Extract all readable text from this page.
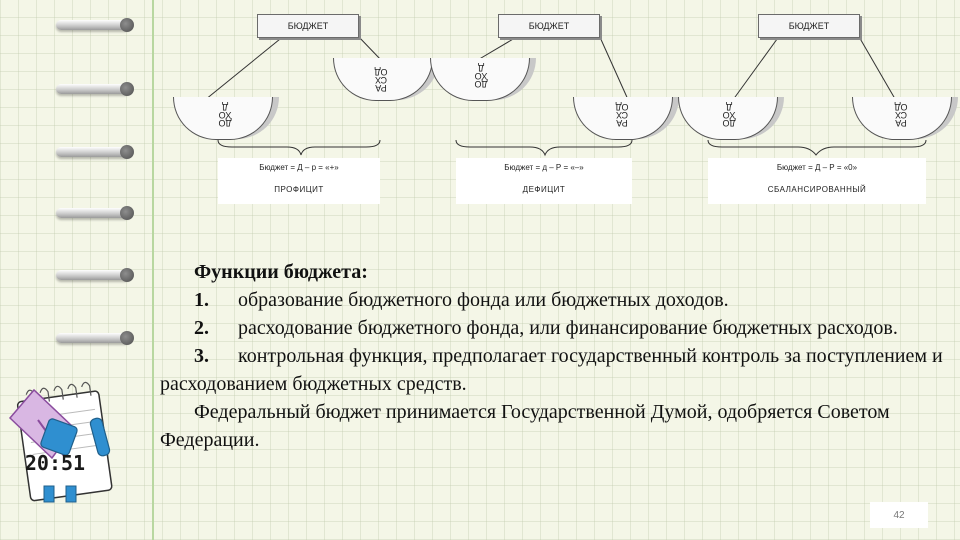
БЮДЖЕТ	БЮДЖЕТ	БЮДЖЕТ
ДО
ХО
Д
РА
СХ
ОД
ДО
ХО
Д
РА
СХ
ОД
ДО
ХО
Д
РА
СХ
ОД
Бюджет = Д – р = «+»
ПРОФИЦИТ
Бюджет = д – Р = «–»
ДЕФИЦИТ
Бюджет = Д – Р = «0»
СБАЛАНСИРОВАННЫЙ
20:51
Функции бюджета:
1. образование бюджетного фонда или бюджетных доходов.
2. расходование бюджетного фонда, или финансирование бюджетных расходов.
3. контрольная функция, предполагает государственный контроль за поступлением и расходованием бюджетных средств.
Федеральный бюджет принимается Государственной Думой, одобряется Советом Федерации.
42
